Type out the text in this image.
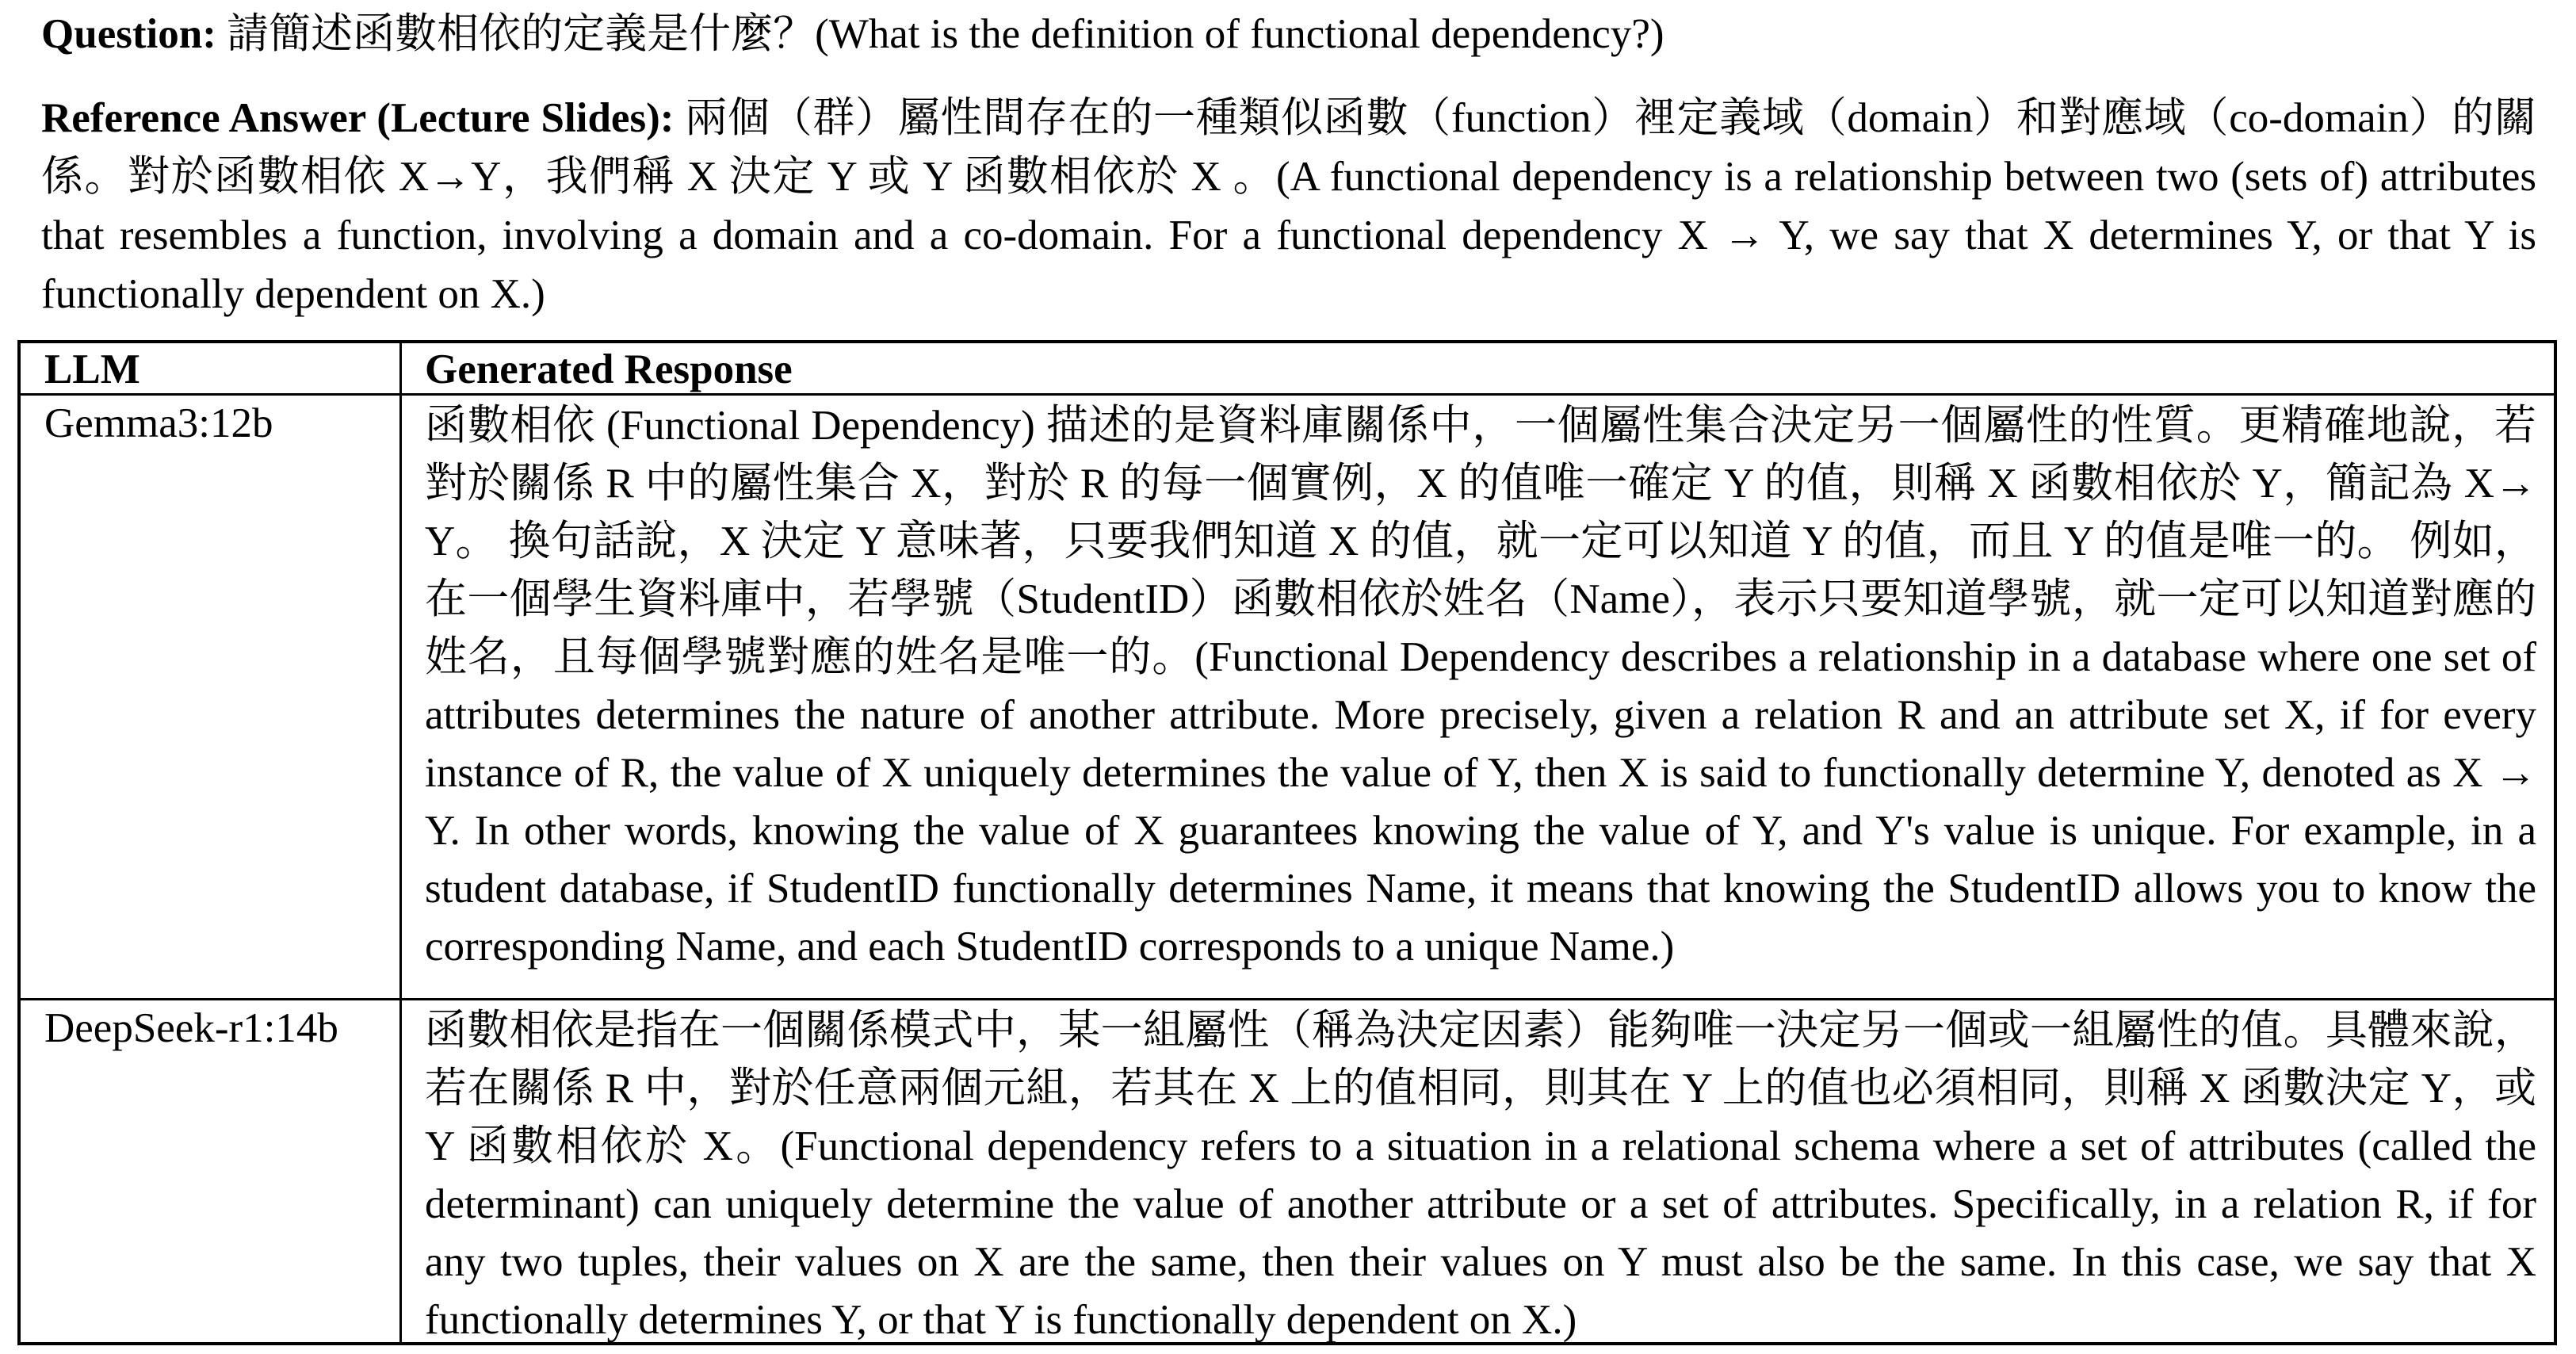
Question: 請簡述函數相依的定義是什麼？(What is the definition of functional dependency?)
Reference Answer (Lecture Slides): 兩個（群）屬性間存在的一種類似函數（function）裡定義域（domain）和對應域（co-domain）的關係。對於函數相依 X→Y，我們稱 X 決定 Y 或 Y 函數相依於 X 。(A functional dependency is a relationship between two (sets of) attributes that resembles a function, involving a domain and a co-domain. For a functional dependency X → Y, we say that X determines Y, or that Y is functionally dependent on X.)
LLM	Generated Response
Gemma3:12b	函數相依 (Functional Dependency) 描述的是資料庫關係中，一個屬性集合決定另一個屬性的性質。更精確地說，若對於關係 R 中的屬性集合 X，對於 R 的每一個實例，X 的值唯一確定 Y 的值，則稱 X 函數相依於 Y，簡記為 X→ Y。 換句話說，X 決定 Y 意味著，只要我們知道 X 的值，就一定可以知道 Y 的值，而且 Y 的值是唯一的。 例如，在一個學生資料庫中，若學號（StudentID）函數相依於姓名（Name），表示只要知道學號，就一定可以知道對應的姓名，且每個學號對應的姓名是唯一的。(Functional Dependency describes a relationship in a database where one set of attributes determines the nature of another attribute. More precisely, given a relation R and an attribute set X, if for every instance of R, the value of X uniquely determines the value of Y, then X is said to functionally determine Y, denoted as X → Y. In other words, knowing the value of X guarantees knowing the value of Y, and Y's value is unique. For example, in a student database, if StudentID functionally determines Name, it means that knowing the StudentID allows you to know the corresponding Name, and each StudentID corresponds to a unique Name.)
DeepSeek-r1:14b	函數相依是指在一個關係模式中，某一組屬性（稱為決定因素）能夠唯一決定另一個或一組屬性的值。具體來說，若在關係 R 中，對於任意兩個元組，若其在 X 上的值相同，則其在 Y 上的值也必須相同，則稱 X 函數決定 Y，或 Y 函數相依於 X。(Functional dependency refers to a situation in a relational schema where a set of attributes (called the determinant) can uniquely determine the value of another attribute or a set of attributes. Specifically, in a relation R, if for any two tuples, their values on X are the same, then their values on Y must also be the same. In this case, we say that X functionally determines Y, or that Y is functionally dependent on X.)
